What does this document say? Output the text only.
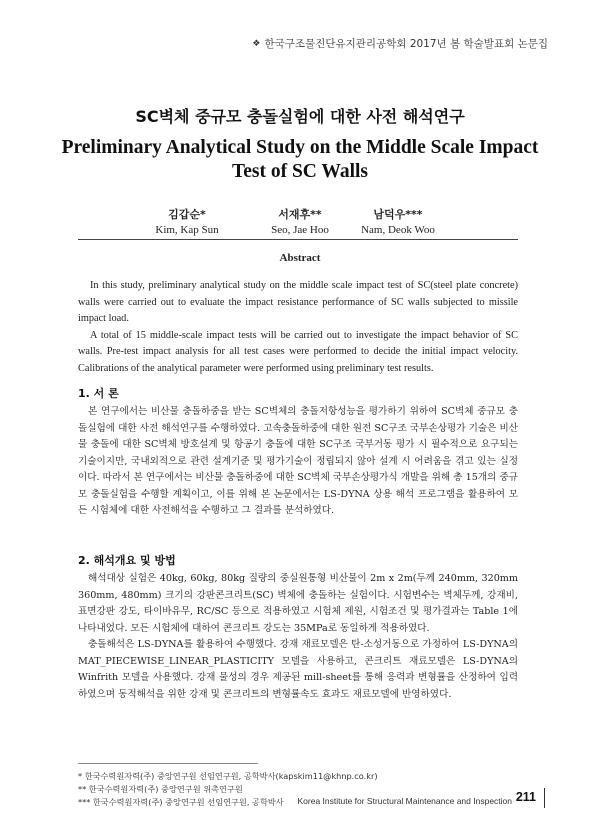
❖ 한국구조물진단유지관리공학회 2017년 봄 학술발표회 논문집
SC벽체 중규모 충돌실험에 대한 사전 해석연구
Preliminary Analytical Study on the Middle Scale Impact Test of SC Walls
김갑순*
Kim, Kap Sun
서재후**
Seo, Jae Hoo
남덕우***
Nam, Deok Woo
Abstract

In this study, preliminary analytical study on the middle scale impact test of SC(steel plate concrete) walls were carried out to evaluate the impact resistance performance of SC walls subjected to missile impact load.

A total of 15 middle-scale impact tests will be carried out to investigate the impact behavior of SC walls. Pre-test impact analysis for all test cases were performed to decide the initial impact velocity. Calibrations of the analytical parameter were performed using preliminary test results.

1. 서 론

본 연구에서는 비산물 충돌하중을 받는 SC벽체의 충돌저항성능을 평가하기 위하여 SC벽체 중규모 충돌실험에 대한 사전 해석연구를 수행하였다. 고속충돌하중에 대한 원전 SC구조 국부손상평가 기술은 비산물 충돌에 대한 SC벽체 방호설계 및 항공기 충돌에 대한 SC구조 국부거동 평가 시 필수적으로 요구되는 기술이지만, 국내외적으로 관련 설계기준 및 평가기술이 정립되지 않아 설계 시 어려움을 겪고 있는 실정이다. 따라서 본 연구에서는 비산물 충돌하중에 대한 SC벽체 국부손상평가식 개발을 위해 총 15개의 중규모 충돌실험을 수행할 계획이고, 이를 위해 본 논문에서는 LS-DYNA 상용 해석 프로그램을 활용하여 모든 시험체에 대한 사전해석을 수행하고 그 결과를 분석하였다.

2. 해석개요 및 방법

해석대상 실험은 40kg, 60kg, 80kg 질량의 중실원통형 비산물이 2m x 2m(두께 240mm, 320mm 360mm, 480mm) 크기의 강판콘크리트(SC) 벽체에 충돌하는 실험이다. 시험변수는 벽체두께, 강재비, 표면강판 강도, 타이바유무, RC/SC 등으로 적용하였고 시험체 제원, 시험조건 및 평가결과는 Table 1에 나타내었다. 모든 시험체에 대하여 콘크리트 강도는 35MPa로 동일하게 적용하였다.

충돌해석은 LS-DYNA를 활용하여 수행했다. 강재 재료모델은 탄-소성거동으로 가정하여 LS-DYNA의 MAT_PIECEWISE_LINEAR_PLASTICITY 모델을 사용하고, 콘크리트 재료모델은 LS-DYNA의 Winfrith 모델을 사용했다. 강재 물성의 경우 제공된 mill-sheet를 통해 응력과 변형률을 산정하여 입력하였으며 동적해석을 위한 강재 및 콘크리트의 변형률속도 효과도 재료모델에 반영하였다.

* 한국수력원자력(주) 중앙연구원 선임연구원, 공학박사(kapskim11@khnp.co.kr)
** 한국수력원자력(주) 중앙연구원 위촉연구원
*** 한국수력원자력(주) 중앙연구원 선임연구원, 공학박사	Korea Institute for Structural Maintenance and Inspection 211
